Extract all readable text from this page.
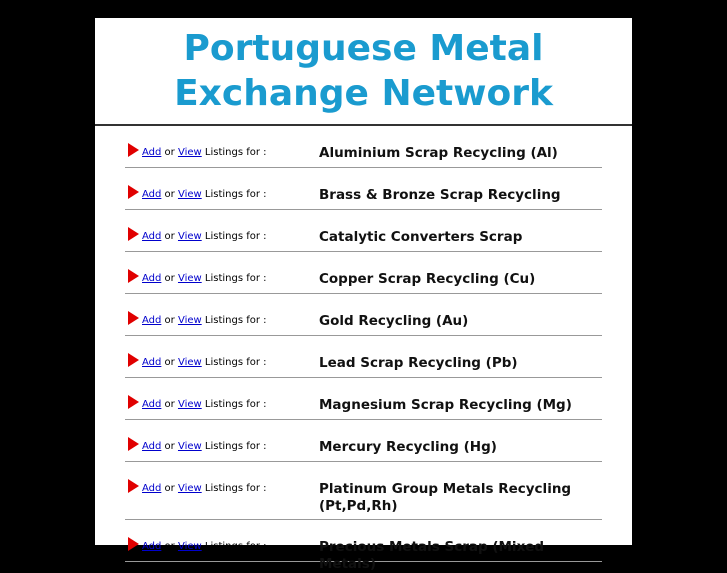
Portuguese Metal
Exchange Network
Add or View Listings for :	Aluminium Scrap Recycling (Al)
Add or View Listings for :	Brass & Bronze Scrap Recycling
Add or View Listings for :	Catalytic Converters Scrap
Add or View Listings for :	Copper Scrap Recycling (Cu)
Add or View Listings for :	Gold Recycling (Au)
Add or View Listings for :	Lead Scrap Recycling (Pb)
Add or View Listings for :	Magnesium Scrap Recycling (Mg)
Add or View Listings for :	Mercury Recycling (Hg)
Add or View Listings for :	Platinum Group Metals Recycling (Pt,Pd,Rh)
Add or View Listings for :	Precious Metals Scrap (Mixed Metals)
